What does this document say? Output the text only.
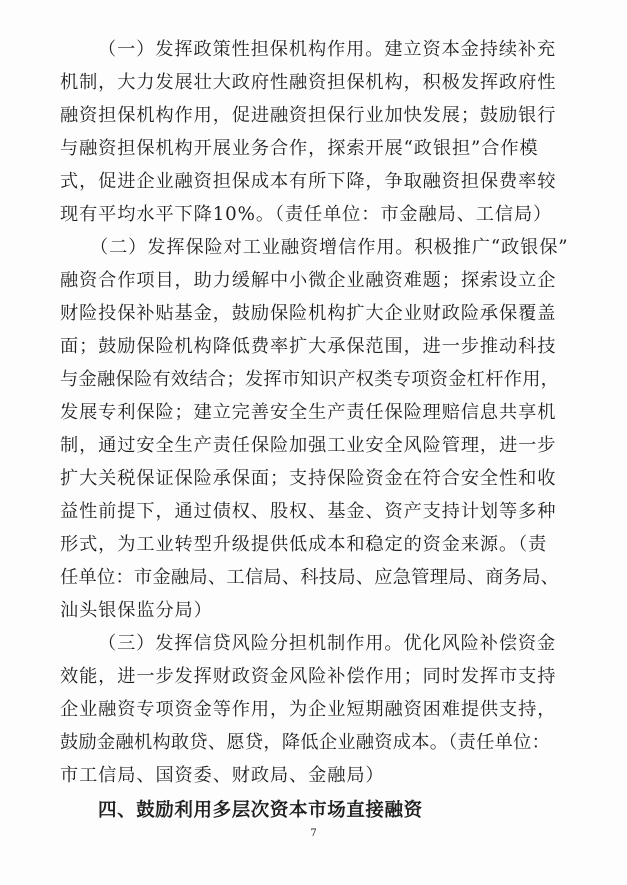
（一）发挥政策性担保机构作用。建立资本金持续补充
机制，大力发展壮大政府性融资担保机构，积极发挥政府性
融资担保机构作用，促进融资担保行业加快发展；鼓励银行
与融资担保机构开展业务合作，探索开展“政银担”合作模
式，促进企业融资担保成本有所下降，争取融资担保费率较
现有平均水平下降10%。（责任单位：市金融局、工信局）
（二）发挥保险对工业融资增信作用。积极推广“政银保”
融资合作项目，助力缓解中小微企业融资难题；探索设立企
财险投保补贴基金，鼓励保险机构扩大企业财政险承保覆盖
面；鼓励保险机构降低费率扩大承保范围，进一步推动科技
与金融保险有效结合；发挥市知识产权类专项资金杠杆作用，
发展专利保险；建立完善安全生产责任保险理赔信息共享机
制，通过安全生产责任保险加强工业安全风险管理，进一步
扩大关税保证保险承保面；支持保险资金在符合安全性和收
益性前提下，通过债权、股权、基金、资产支持计划等多种
形式，为工业转型升级提供低成本和稳定的资金来源。（责
任单位：市金融局、工信局、科技局、应急管理局、商务局、
汕头银保监分局）
（三）发挥信贷风险分担机制作用。优化风险补偿资金
效能，进一步发挥财政资金风险补偿作用；同时发挥市支持
企业融资专项资金等作用，为企业短期融资困难提供支持，
鼓励金融机构敢贷、愿贷，降低企业融资成本。（责任单位：
市工信局、国资委、财政局、金融局）
四、鼓励利用多层次资本市场直接融资
7
